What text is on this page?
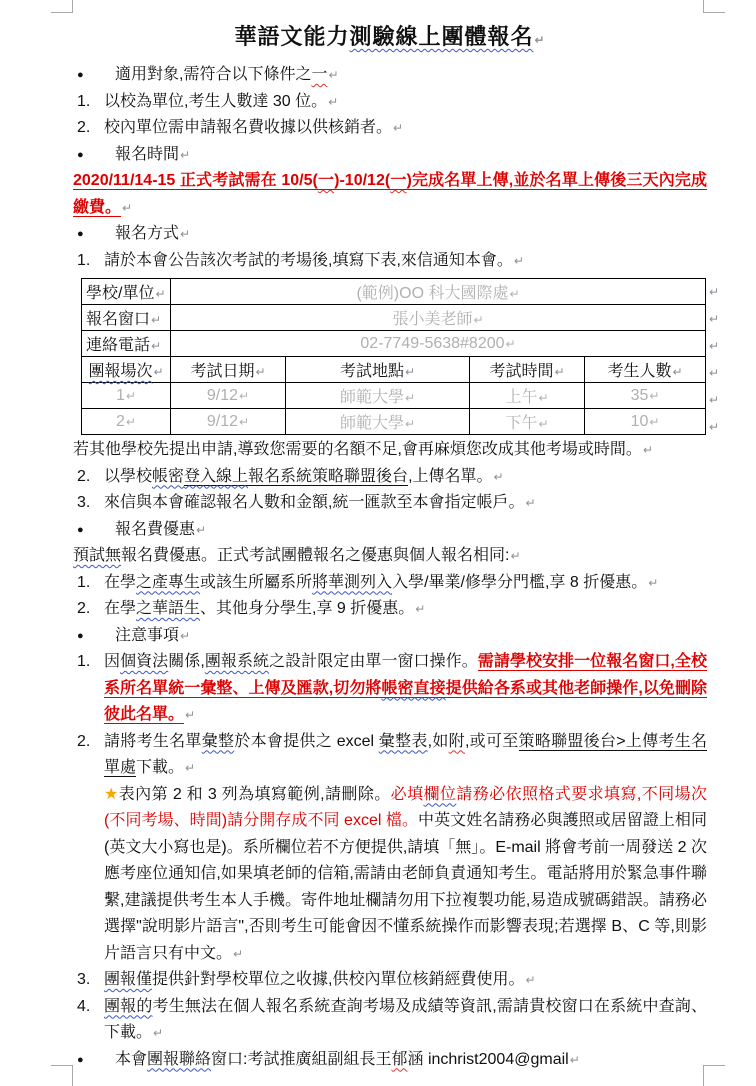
華語文能力測驗線上團體報名↵
●	適用對象,需符合以下條件之一↵
1. 以校為單位,考生人數達 30 位。↵
2. 校內單位需申請報名費收據以供核銷者。↵
●	報名時間↵
2020/11/14-15 正式考試需在 10/5(一)-10/12(一)完成名單上傳,並於名單上傳後三天內完成繳費。↵
●	報名方式↵
1. 請於本會公告該次考試的考場後,填寫下表,來信通知本會。↵
學校/單位↵	(範例)OO 科大國際處↵			
報名窗口↵	張小美老師↵			
連絡電話↵	02-7749-5638#8200↵			
團報場次↵	考試日期↵	考試地點↵	考試時間↵	考生人數↵
1↵	9/12↵	師範大學↵	上午↵	35↵
2↵	9/12↵	師範大學↵	下午↵	10↵
↵
↵
↵
↵
↵
↵
若其他學校先提出申請,導致您需要的名額不足,會再麻煩您改成其他考場或時間。↵
2. 以學校帳密登入線上報名系統策略聯盟後台,上傳名單。↵
3. 來信與本會確認報名人數和金額,統一匯款至本會指定帳戶。↵
●	報名費優惠↵
預試無報名費優惠。正式考試團體報名之優惠與個人報名相同:↵
1. 在學之產專生或該生所屬系所將華測列入入學/畢業/修學分門檻,享 8 折優惠。↵
2. 在學之華語生、其他身分學生,享 9 折優惠。↵
●	注意事項↵
1. 因個資法關係,團報系統之設計限定由單一窗口操作。需請學校安排一位報名窗口,全校系所名單統一彙整、上傳及匯款,切勿將帳密直接提供給各系或其他老師操作,以免刪除彼此名單。↵
2. 請將考生名單彙整於本會提供之 excel 彙整表,如附,或可至策略聯盟後台>上傳考生名單處下載。↵
★表內第 2 和 3 列為填寫範例,請刪除。必填欄位請務必依照格式要求填寫,不同場次(不同考場、時間)請分開存成不同 excel 檔。中英文姓名請務必與護照或居留證上相同(英文大小寫也是)。系所欄位若不方便提供,請填「無」。E-mail 將會考前一周發送 2 次應考座位通知信,如果填老師的信箱,需請由老師負責通知考生。電話將用於緊急事件聯繫,建議提供考生本人手機。寄件地址欄請勿用下拉複製功能,易造成號碼錯誤。請務必選擇"說明影片語言",否則考生可能會因不懂系統操作而影響表現;若選擇 B、C 等,則影片語言只有中文。↵
3. 團報僅提供針對學校單位之收據,供校內單位核銷經費使用。↵
4. 團報的考生無法在個人報名系統查詢考場及成績等資訊,需請貴校窗口在系統中查詢、下載。↵
●	本會團報聯絡窗口:考試推廣組副組長王郁涵 inchrist2004@gmail↵
